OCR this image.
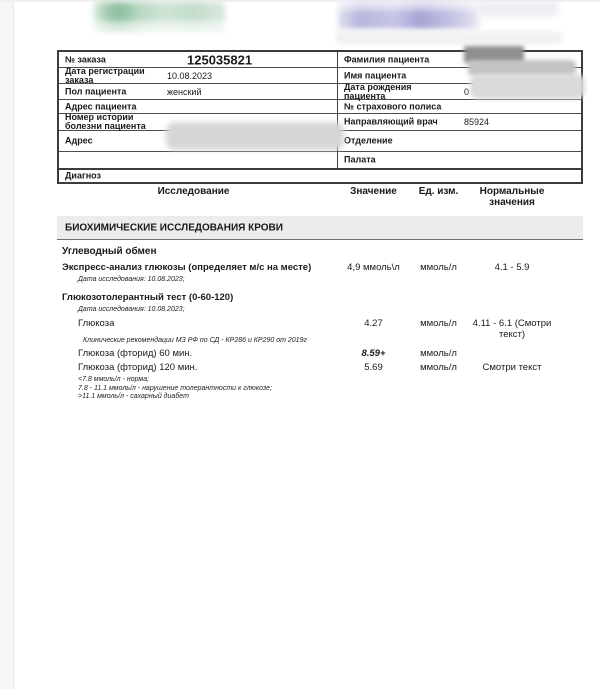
№ заказа	125035821
Дата регистрации заказа	10.08.2023
Пол пациента	женский
Адрес пациента
Номер истории болезни пациента
Адрес
Фамилия пациента
Имя пациента
Дата рождения пациента	0
№ страхового полиса
Направляющий врач	85924
Отделение
Палата
Диагноз
Исследование	Значение	Ед. изм.	Нормальные значения
БИОХИМИЧЕСКИЕ ИССЛЕДОВАНИЯ КРОВИ
Углеводный обмен
Экспресс-анализ глюкозы (определяет м/с на месте)	4,9 ммоль\л	ммоль/л	4.1 - 5.9
Дата исследования: 10.08.2023;
Глюкозотолерантный тест (0-60-120)
Дата исследования: 10.08.2023;
Глюкоза	4.27	ммоль/л	4.11 - 6.1 (Смотри текст)
Клинические рекомендации МЗ РФ по СД - КР286 и КР290 от 2019г
Глюкоза (фторид) 60 мин.	8.59+	ммоль/л
Глюкоза (фторид) 120 мин.	5.69	ммоль/л	Смотри текст
<7.8 ммоль/л - норма;
7.8 - 11.1 ммоль/л - нарушение толерантности к глюкозе;
>11.1 ммоль/л - сахарный диабет
